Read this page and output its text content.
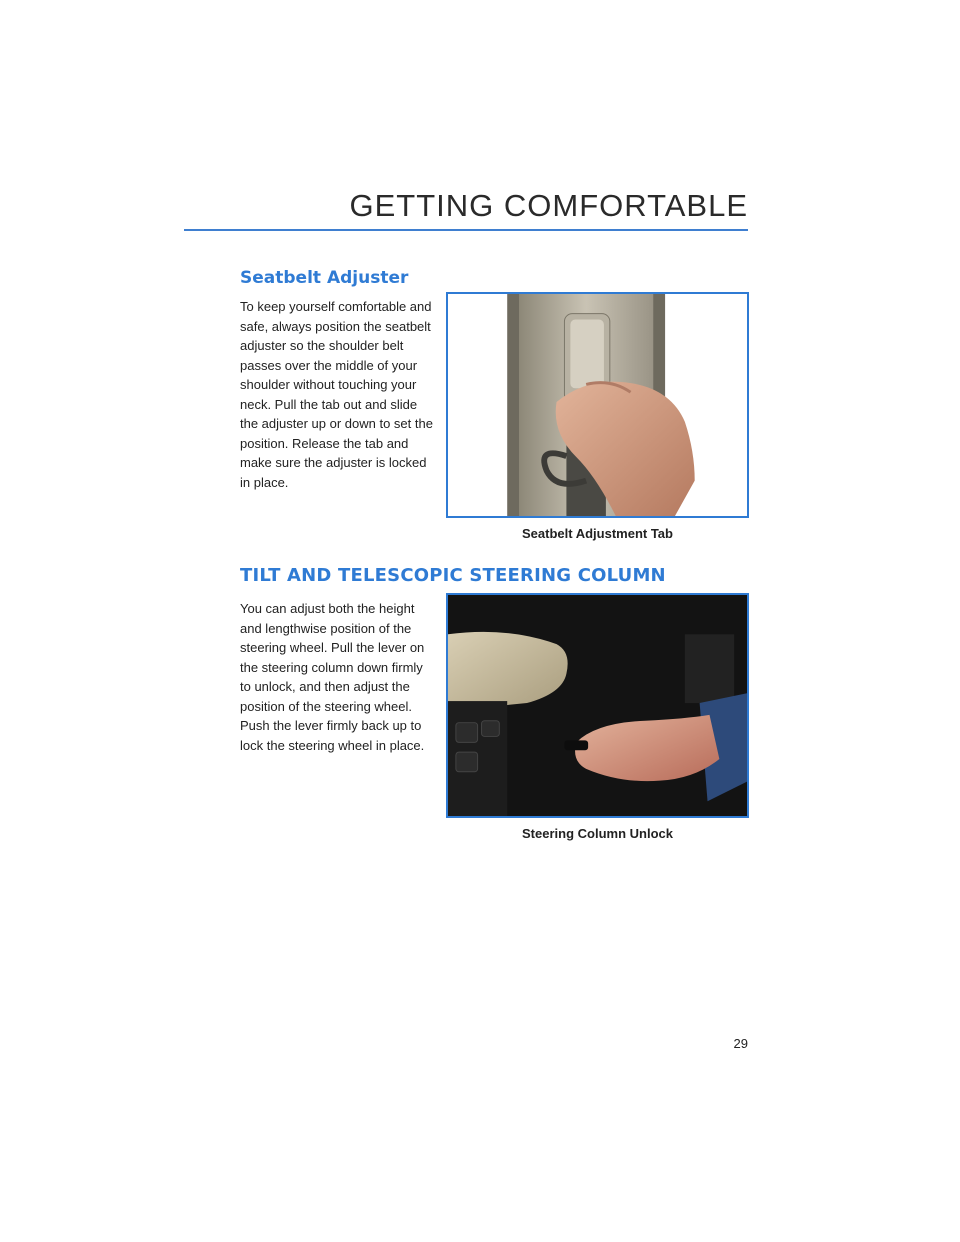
GETTING COMFORTABLE
Seatbelt Adjuster

To keep yourself comfortable and safe, always position the seatbelt adjuster so the shoulder belt passes over the middle of your shoulder without touching your neck. Pull the tab out and slide the adjuster up or down to set the position. Release the tab and make sure the adjuster is locked in place.

Seatbelt Adjustment Tab
TILT AND TELESCOPIC STEERING COLUMN

You can adjust both the height and lengthwise position of the steering wheel. Pull the lever on the steering column down firmly to unlock, and then adjust the position of the steering wheel. Push the lever firmly back up to lock the steering wheel in place.

Steering Column Unlock
29
